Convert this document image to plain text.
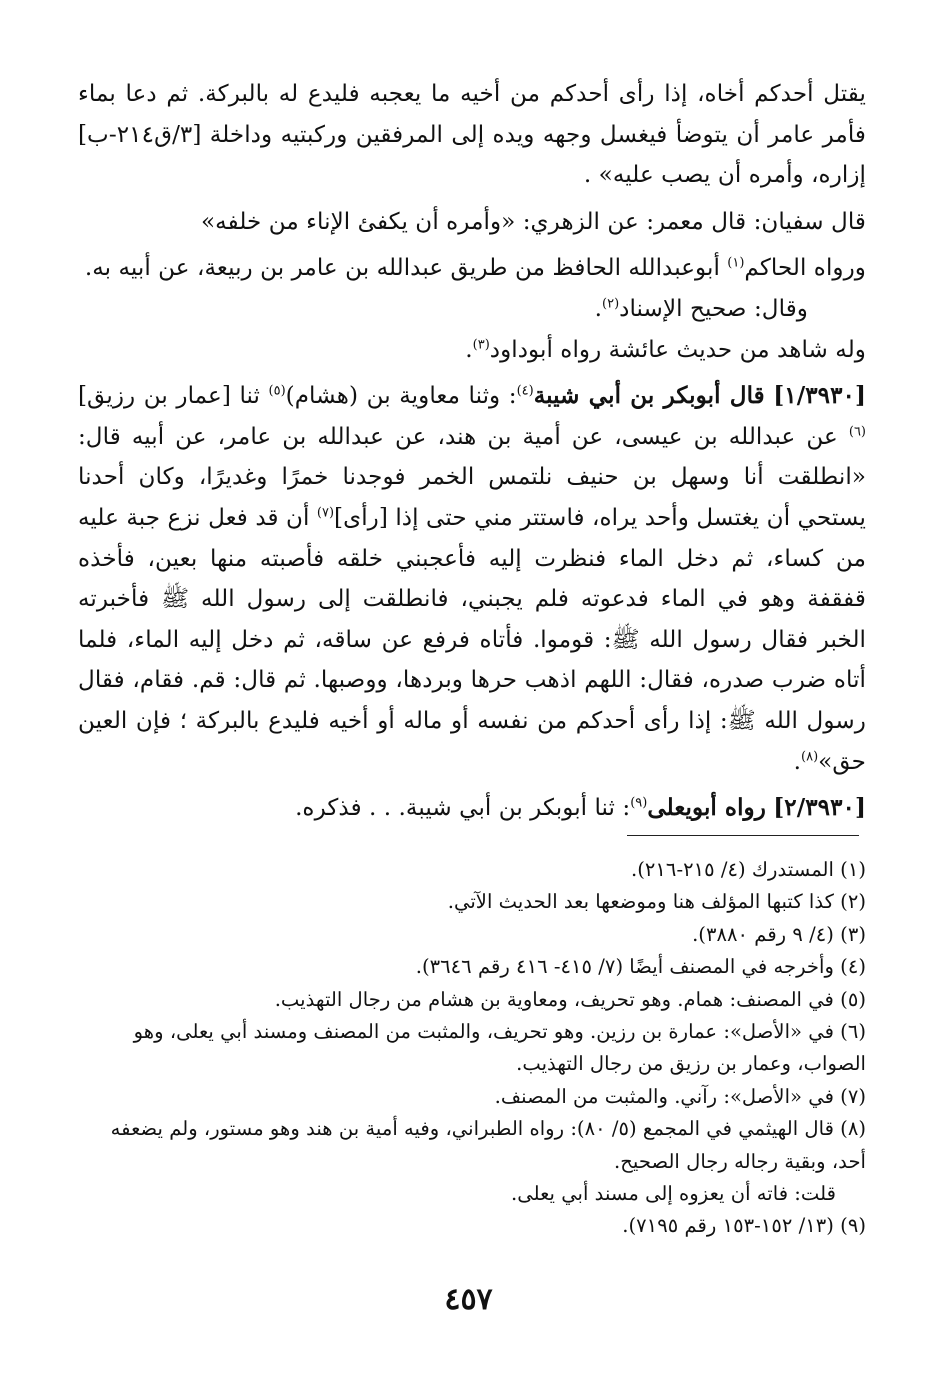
يقتل أحدكم أخاه، إذا رأى أحدكم من أخيه ما يعجبه فليدع له بالبركة. ثم دعا بماء فأمر عامر أن يتوضأ فيغسل وجهه ويده إلى المرفقين وركبتيه وداخلة [٣/ق٢١٤-ب] إزاره، وأمره أن يصب عليه» .

قال سفيان: قال معمر: عن الزهري: «وأمره أن يكفئ الإناء من خلفه»

ورواه الحاكم$^{(١)}$ أبوعبدالله الحافظ من طريق عبدالله بن عامر بن ربيعة، عن أبيه به.

وقال: صحيح الإسناد$^{(٢)}$.

وله شاهد من حديث عائشة رواه أبوداود$^{(٣)}$.

[١/٣٩٣٠] قال أبوبكر بن أبي شيبة$^{(٤)}$: وثنا معاوية بن (هشام)$^{(٥)}$ ثنا [عمار بن رزيق]$^{(٦)}$ عن عبدالله بن عيسى، عن أمية بن هند، عن عبدالله بن عامر، عن أبيه قال: «انطلقت أنا وسهل بن حنيف نلتمس الخمر فوجدنا خمرًا وغديرًا، وكان أحدنا يستحي أن يغتسل وأحد يراه، فاستتر مني حتى إذا [رأى]$^{(٧)}$ أن قد فعل نزع جبة عليه من كساء، ثم دخل الماء فنظرت إليه فأعجبني خلقه فأصبته منها بعين، فأخذه قفقفة وهو في الماء فدعوته فلم يجبني، فانطلقت إلى رسول الله ﷺ فأخبرته الخبر فقال رسول الله ﷺ: قوموا. فأتاه فرفع عن ساقه، ثم دخل إليه الماء، فلما أتاه ضرب صدره، فقال: اللهم اذهب حرها وبردها، ووصبها. ثم قال: قم. فقام، فقال رسول الله ﷺ: إذا رأى أحدكم من نفسه أو ماله أو أخيه فليدع بالبركة ؛ فإن العين حق»$^{(٨)}$.

[٢/٣٩٣٠] رواه أبويعلى$^{(٩)}$: ثنا أبوبكر بن أبي شيبة. . . فذكره.

(١) المستدرك (٤/ ٢١٥-٢١٦).

(٢) كذا كتبها المؤلف هنا وموضعها بعد الحديث الآتي.

(٣) (٤/ ٩ رقم ٣٨٨٠).

(٤) وأخرجه في المصنف أيضًا (٧/ ٤١٥- ٤١٦ رقم ٣٦٤٦).

(٥) في المصنف: همام. وهو تحريف، ومعاوية بن هشام من رجال التهذيب.

(٦) في «الأصل»: عمارة بن رزين. وهو تحريف، والمثبت من المصنف ومسند أبي يعلى، وهو الصواب، وعمار بن رزيق من رجال التهذيب.

(٧) في «الأصل»: رآني. والمثبت من المصنف.

(٨) قال الهيثمي في المجمع (٥/ ٨٠): رواه الطبراني، وفيه أمية بن هند وهو مستور، ولم يضعفه أحد، وبقية رجاله رجال الصحيح.

قلت: فاته أن يعزوه إلى مسند أبي يعلى.

(٩) (١٣/ ١٥٢-١٥٣ رقم ٧١٩٥).

٤٥٧
